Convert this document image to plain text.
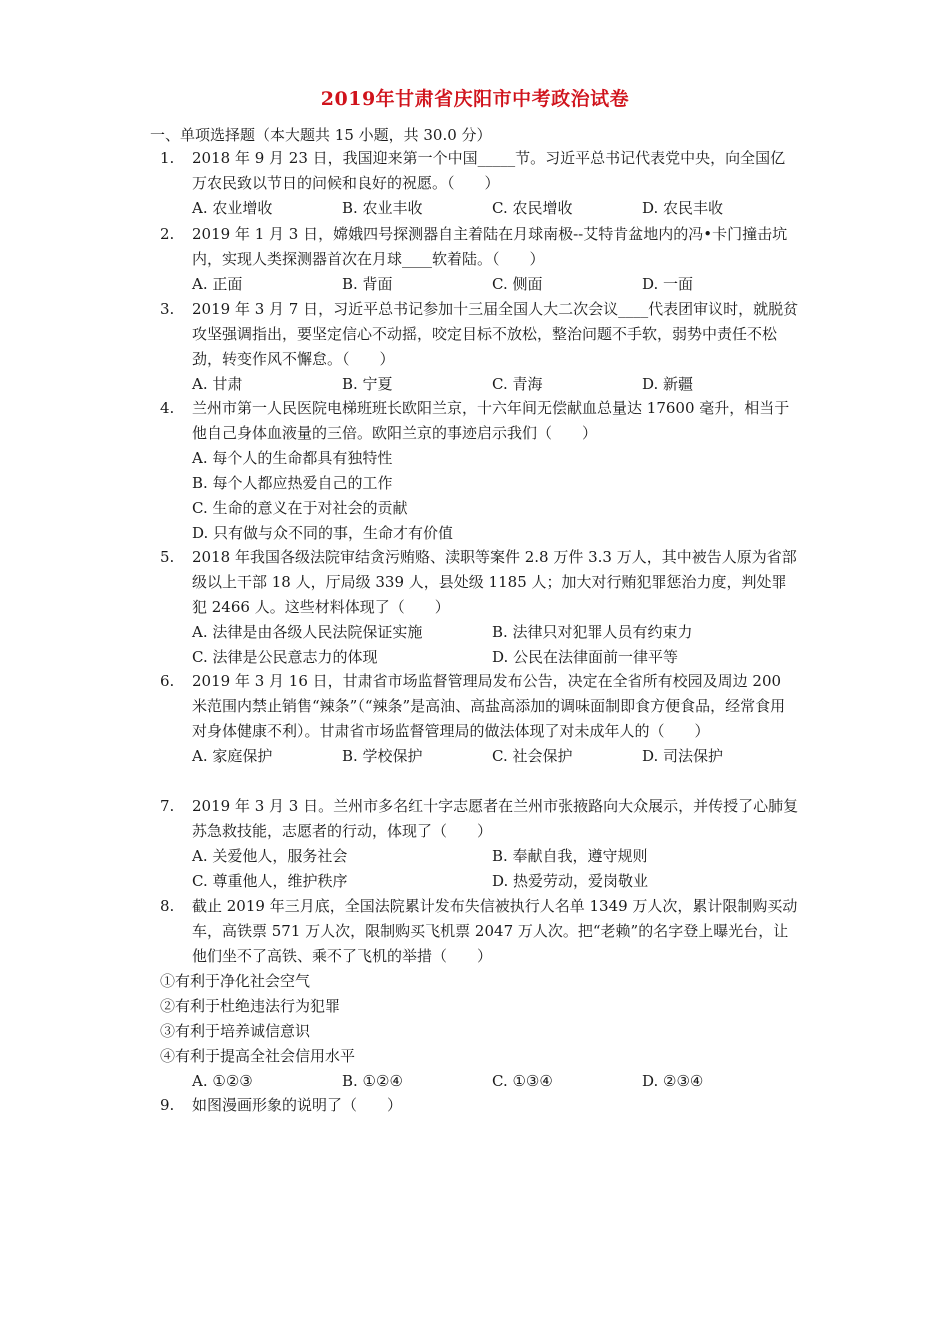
2019年甘肃省庆阳市中考政治试卷
一、单项选择题（本大题共 15 小题，共 30.0 分）
1.	2018 年 9 月 23 日，我国迎来第一个中国_____节。习近平总书记代表党中央，向全国亿万农民致以节日的问候和良好的祝愿。（　　）
A. 农业增收	B. 农业丰收	C. 农民增收	D. 农民丰收
2.	2019 年 1 月 3 日，嫦娥四号探测器自主着陆在月球南极--艾特肯盆地内的冯•卡门撞击坑内，实现人类探测器首次在月球____软着陆。（　　）
A. 正面	B. 背面	C. 侧面	D. 一面
3.	2019 年 3 月 7 日，习近平总书记参加十三届全国人大二次会议____代表团审议时，就脱贫攻坚强调指出，要坚定信心不动摇，咬定目标不放松，整治问题不手软，弱势中责任不松劲，转变作风不懈怠。（　　）
A. 甘肃	B. 宁夏	C. 青海	D. 新疆
4.	兰州市第一人民医院电梯班班长欧阳兰京，十六年间无偿献血总量达 17600 毫升，相当于他自己身体血液量的三倍。欧阳兰京的事迹启示我们（　　）
A. 每个人的生命都具有独特性
B. 每个人都应热爱自己的工作
C. 生命的意义在于对社会的贡献
D. 只有做与众不同的事，生命才有价值
5.	2018 年我国各级法院审结贪污贿赂、渎职等案件 2.8 万件 3.3 万人，其中被告人原为省部级以上干部 18 人，厅局级 339 人，县处级 1185 人；加大对行贿犯罪惩治力度，判处罪犯 2466 人。这些材料体现了（　　）
A. 法律是由各级人民法院保证实施	B. 法律只对犯罪人员有约束力
C. 法律是公民意志力的体现	D. 公民在法律面前一律平等
6.	2019 年 3 月 16 日，甘肃省市场监督管理局发布公告，决定在全省所有校园及周边 200 米范围内禁止销售“辣条”（“辣条”是高油、高盐高添加的调味面制即食方便食品，经常食用对身体健康不利）。甘肃省市场监督管理局的做法体现了对未成年人的（　　）
A. 家庭保护	B. 学校保护	C. 社会保护	D. 司法保护
7.	2019 年 3 月 3 日。兰州市多名红十字志愿者在兰州市张掖路向大众展示，并传授了心肺复苏急救技能，志愿者的行动，体现了（　　）
A. 关爱他人，服务社会	B. 奉献自我，遵守规则
C. 尊重他人，维护秩序	D. 热爱劳动，爱岗敬业
8.	截止 2019 年三月底，全国法院累计发布失信被执行人名单 1349 万人次，累计限制购买动车，高铁票 571 万人次，限制购买飞机票 2047 万人次。把“老赖”的名字登上曝光台，让他们坐不了高铁、乘不了飞机的举措（　　）
①有利于净化社会空气
②有利于杜绝违法行为犯罪
③有利于培养诚信意识
④有利于提高全社会信用水平
A. ①②③	B. ①②④	C. ①③④	D. ②③④
9.	如图漫画形象的说明了（　　）
